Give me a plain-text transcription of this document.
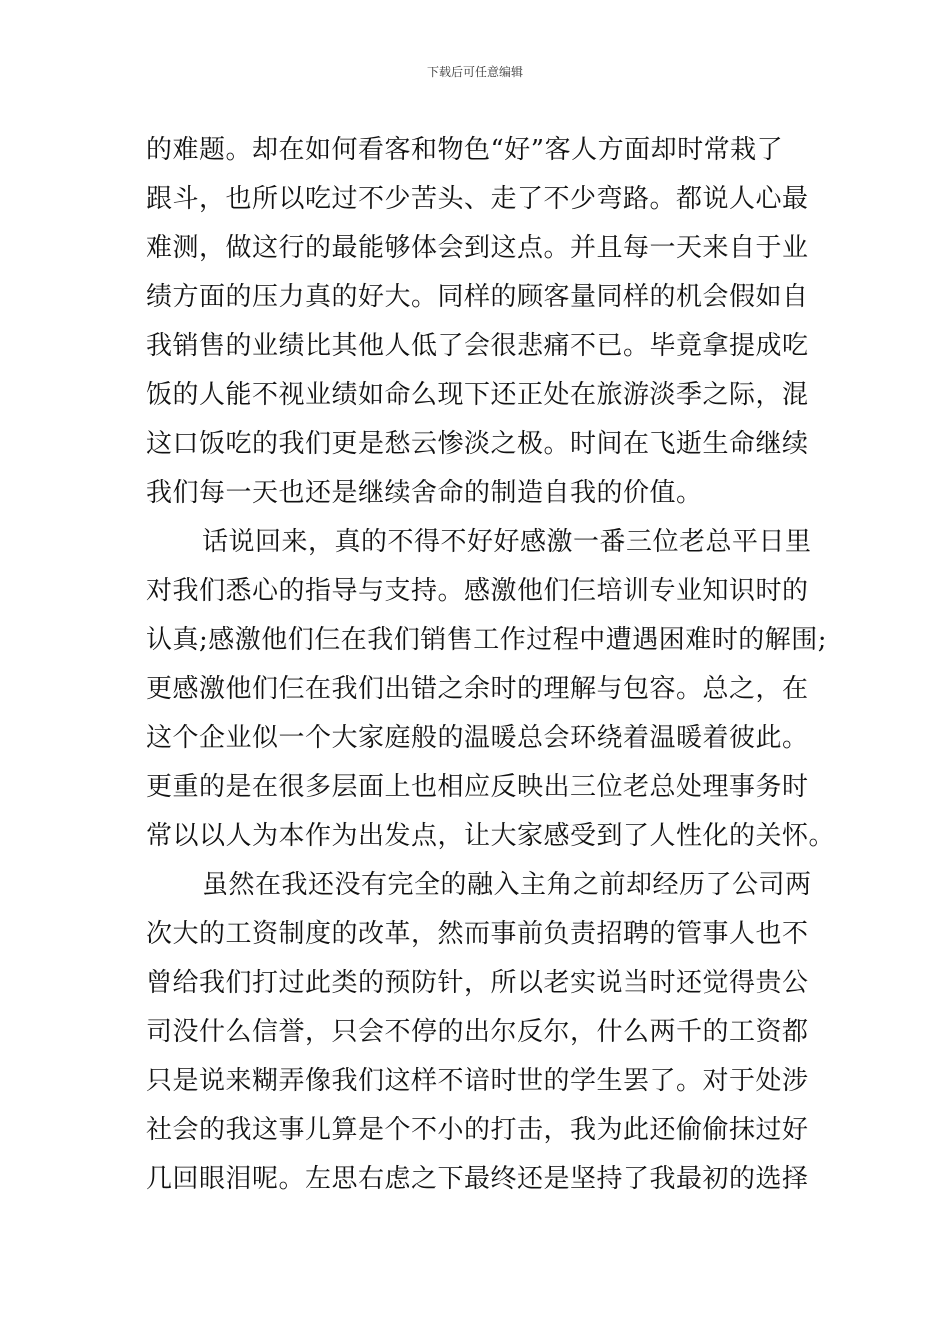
下载后可任意编辑
的难题。却在如何看客和物色“好”客人方面却时常栽了
跟斗，也所以吃过不少苦头、走了不少弯路。都说人心最
难测，做这行的最能够体会到这点。并且每一天来自于业
绩方面的压力真的好大。同样的顾客量同样的机会假如自
我销售的业绩比其他人低了会很悲痛不已。毕竟拿提成吃
饭的人能不视业绩如命么现下还正处在旅游淡季之际，混
这口饭吃的我们更是愁云惨淡之极。时间在飞逝生命继续
我们每一天也还是继续舍命的制造自我的价值。
话说回来，真的不得不好好感激一番三位老总平日里
对我们悉心的指导与支持。感激他们仨培训专业知识时的
认真;感激他们仨在我们销售工作过程中遭遇困难时的解围;
更感激他们仨在我们出错之余时的理解与包容。总之，在
这个企业似一个大家庭般的温暖总会环绕着温暖着彼此。
更重的是在很多层面上也相应反映出三位老总处理事务时
常以以人为本作为出发点，让大家感受到了人性化的关怀。
虽然在我还没有完全的融入主角之前却经历了公司两
次大的工资制度的改革，然而事前负责招聘的管事人也不
曾给我们打过此类的预防针，所以老实说当时还觉得贵公
司没什么信誉，只会不停的出尔反尔，什么两千的工资都
只是说来糊弄像我们这样不谙时世的学生罢了。对于处涉
社会的我这事儿算是个不小的打击，我为此还偷偷抹过好
几回眼泪呢。左思右虑之下最终还是坚持了我最初的选择
